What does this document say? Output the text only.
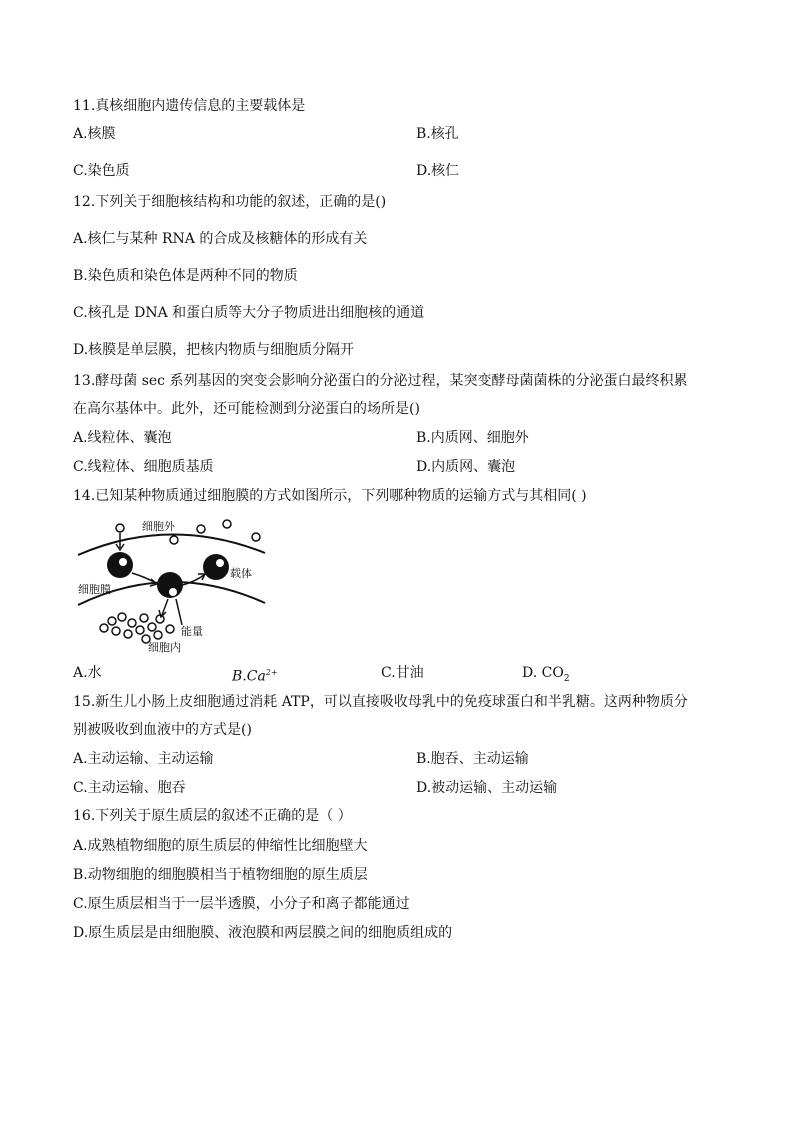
11.真核细胞内遗传信息的主要载体是
A.核膜	B.核孔
C.染色质	D.核仁
12.下列关于细胞核结构和功能的叙述，正确的是()
A.核仁与某种 RNA 的合成及核糖体的形成有关
B.染色质和染色体是两种不同的物质
C.核孔是 DNA 和蛋白质等大分子物质进出细胞核的通道
D.核膜是单层膜，把核内物质与细胞质分隔开
13.酵母菌 sec 系列基因的突变会影响分泌蛋白的分泌过程，某突变酵母菌菌株的分泌蛋白最终积累
在高尔基体中。此外，还可能检测到分泌蛋白的场所是()
A.线粒体、囊泡	B.内质网、细胞外
C.线粒体、细胞质基质	D.内质网、囊泡
14.已知某种物质通过细胞膜的方式如图所示，下列哪种物质的运输方式与其相同( )
细胞外
细胞膜
载体
能量
细胞内
A.水	$B.Ca^{2+}$	C.甘油	D. $CO_2$
15.新生儿小肠上皮细胞通过消耗 ATP，可以直接吸收母乳中的免疫球蛋白和半乳糖。这两种物质分
别被吸收到血液中的方式是()
A.主动运输、主动运输	B.胞吞、主动运输
C.主动运输、胞吞	D.被动运输、主动运输
16.下列关于原生质层的叙述不正确的是（ ）
A.成熟植物细胞的原生质层的伸缩性比细胞壁大
B.动物细胞的细胞膜相当于植物细胞的原生质层
C.原生质层相当于一层半透膜，小分子和离子都能通过
D.原生质层是由细胞膜、液泡膜和两层膜之间的细胞质组成的
